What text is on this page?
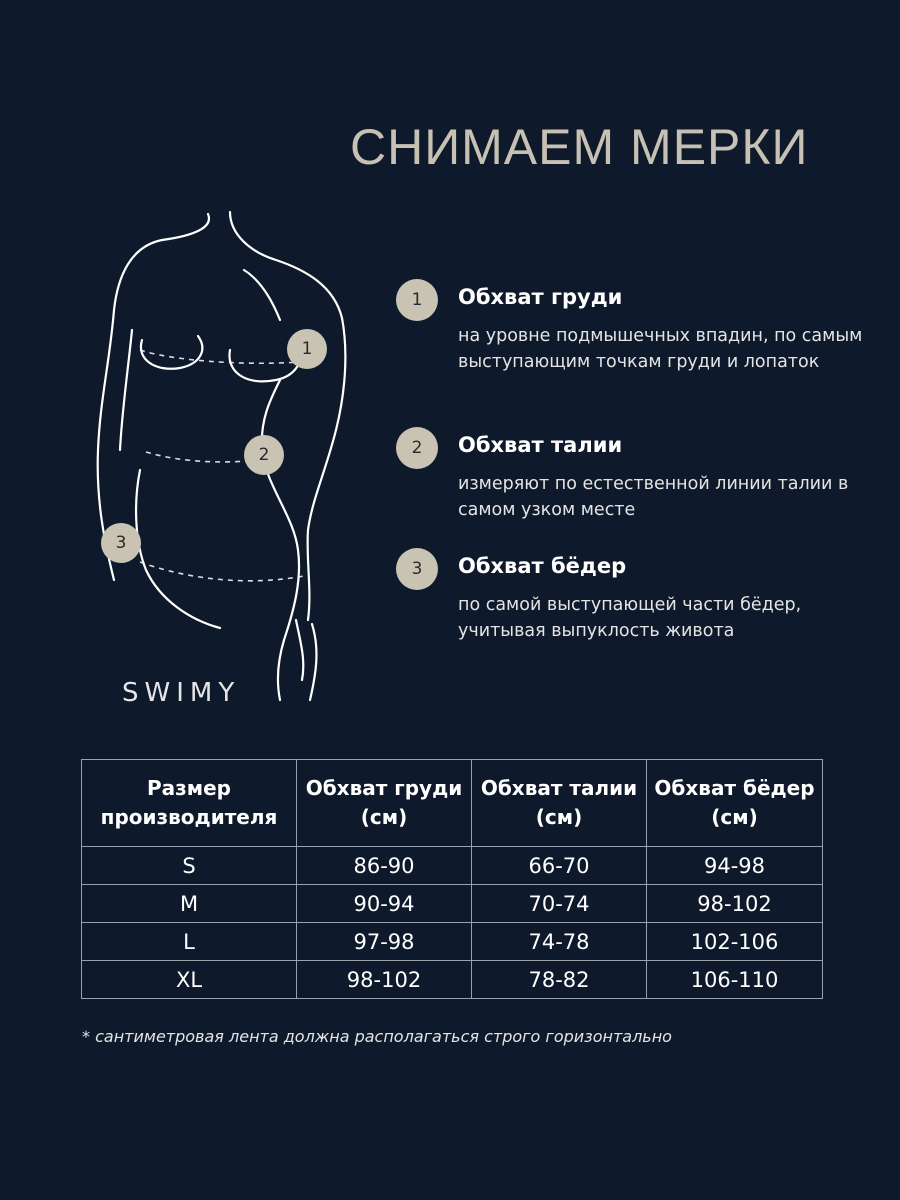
СНИМАЕМ МЕРКИ
1
2
3
SWIMY
1	Обхват груди
на уровне подмышечных впадин, по самым выступающим точкам груди и лопаток
2	Обхват талии
измеряют по естественной линии талии в самом узком месте
3	Обхват бёдер
по самой выступающей части бёдер, учитывая выпуклость живота
Размер производителя	Обхват груди (см)	Обхват талии (см)	Обхват бёдер (см)
S	86-90	66-70	94-98
M	90-94	70-74	98-102
L	97-98	74-78	102-106
XL	98-102	78-82	106-110
* сантиметровая лента должна располагаться строго горизонтально
